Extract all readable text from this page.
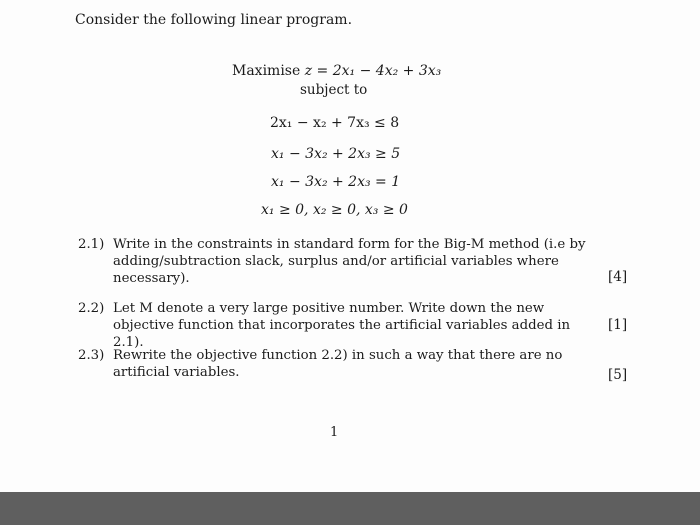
Consider the following linear program.
Maximise z = 2x₁ − 4x₂ + 3x₃
subject to
2x₁ − x₂ + 7x₃ ≤ 8
x₁ − 3x₂ + 2x₃ ≥ 5
x₁ − 3x₂ + 2x₃ = 1
x₁ ≥ 0, x₂ ≥ 0, x₃ ≥ 0
2.1) Write in the constraints in standard form for the Big-M method (i.e by adding/subtraction slack, surplus and/or artificial variables where necessary).	[4]
2.2) Let M denote a very large positive number. Write down the new objective function that incorporates the artificial variables added in 2.1).
[1]
2.3) Rewrite the objective function 2.2) in such a way that there are no artificial variables.	[5]
1
